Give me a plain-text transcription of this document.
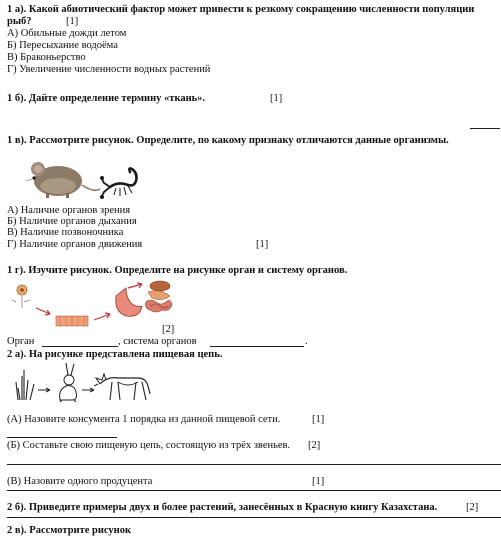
1 а). Какой абиотический фактор может привести к резкому сокращению численности популяции
рыб?	[1]
А) Обильные дожди летом
Б) Пересыхание водоёма
В) Браконьерство
Г) Увеличение численности водных растений
1 б). Дайте определение термину «ткань».	[1]
1 в). Рассмотрите рисунок. Определите, по какому признаку отличаются данные организмы.
А) Наличие органов зрения
Б) Наличие органов дыхания
В) Наличие позвоночника
Г) Наличие органов движения	[1]
1 г). Изучите рисунок. Определите на рисунке орган и систему органов.
[2]
Орган	, система органов	.
2 а). На рисунке представлена пищевая цепь.
(А) Назовите консумента 1 порядка из данной пищевой сети.	[1]
(Б) Составьте свою пищевую цепь, состоящую из трёх звеньев. [2]
(В) Назовите одного продуцента	[1]
2 б). Приведите примеры двух и более растений, занесённых в Красную книгу Казахстана.	[2]
2 в). Рассмотрите рисунок
